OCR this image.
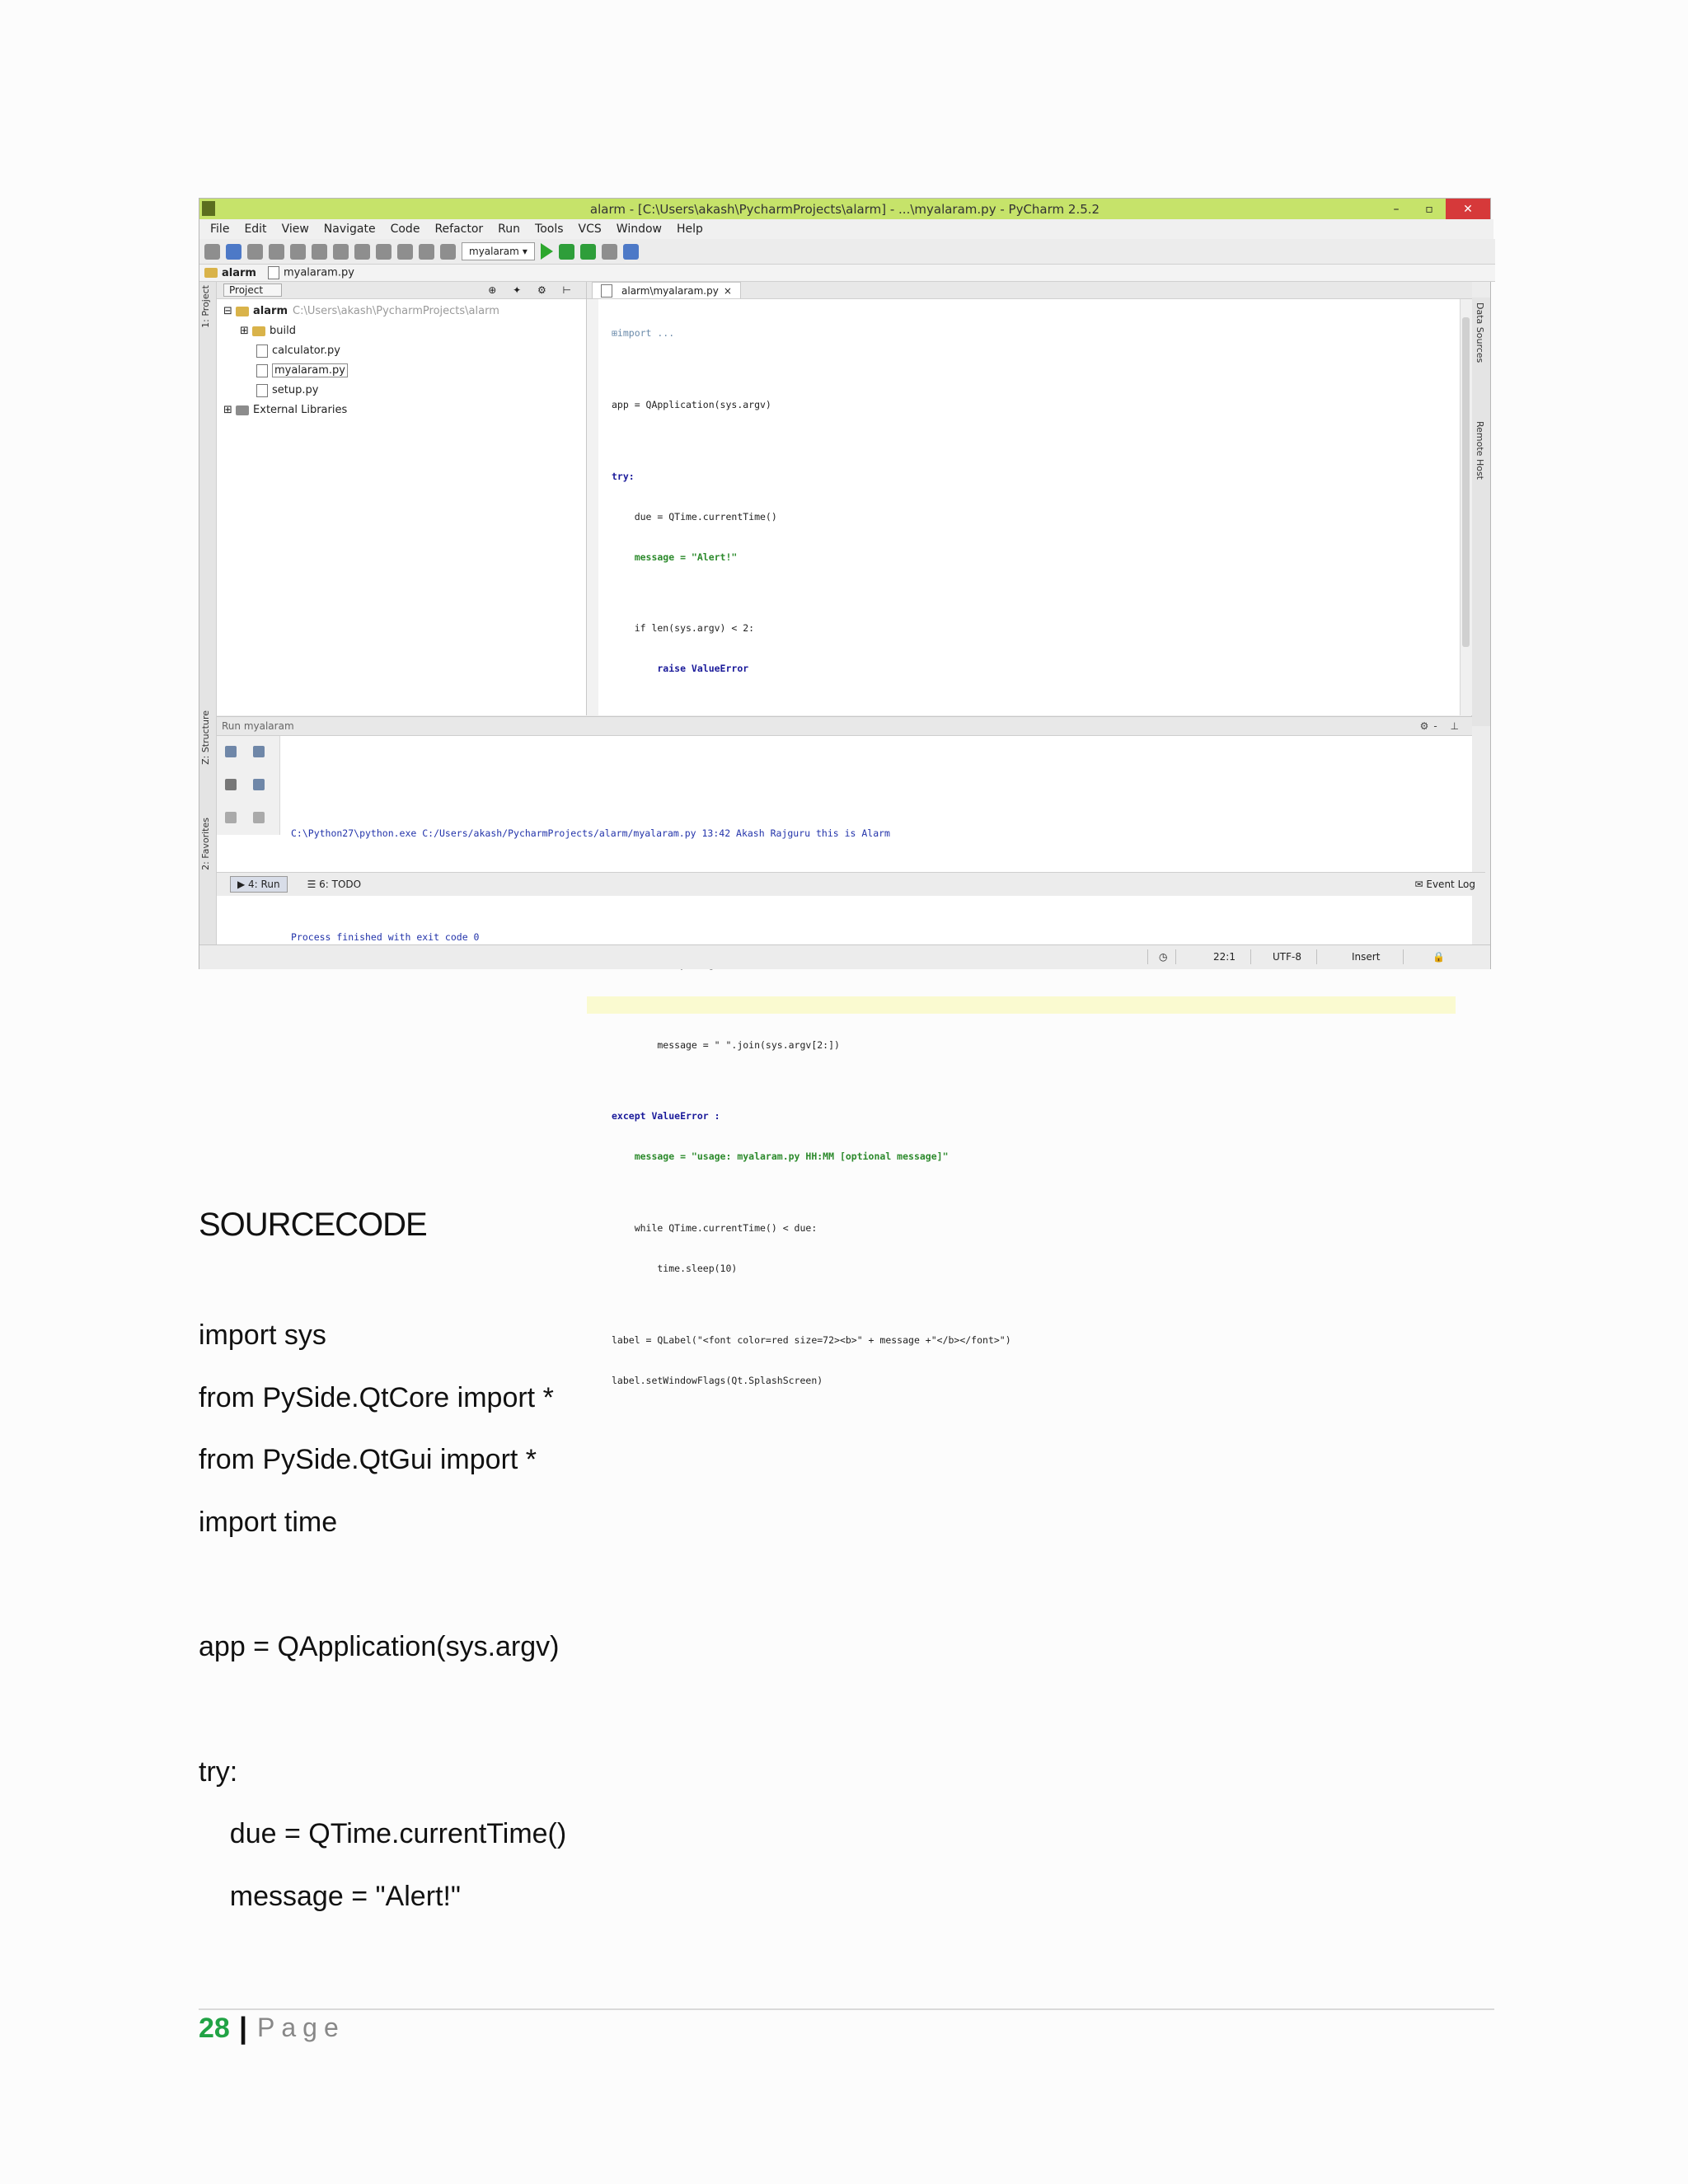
alarm - [C:\Users\akash\PycharmProjects\alarm] - ...\myalaram.py - PyCharm 2.5.2	–	▫	✕
File Edit View Navigate Code Refactor Run Tools VCS Window Help
myalaram ▾
alarm	myalaram.py
1: Project
Z: Structure
2: Favorites
Data Sources
Remote Host
Project	⊕ ✦ ⚙ ⊢
⊟ alarm C:\Users\akash\PycharmProjects\alarm
⊞ build
calculator.py
myalaram.py
setup.py
⊞ External Libraries
alarm\myalaram.py ×

⊞import ...

app = QApplication(sys.argv)

try:

due = QTime.currentTime()

message = "Alert!"

if len(sys.argv) < 2:

raise ValueError

message = " ".join(sys.argv[2:])

except ValueError :

message = "usage: myalaram.py HH:MM [optional message]"

while QTime.currentTime() < due:

time.sleep(10)

label = QLabel("<font color=red size=72><b>" + message +"</b></font>")

label.setWindowFlags(Qt.SplashScreen)

Run myalaram	⚙- ⊥

C:\Python27\python.exe C:/Users/akash/PycharmProjects/alarm/myalaram.py 13:42 Akash Rajguru this is Alarm

Process finished with exit code 0

▶ 4: Run	☰ 6: TODO	✉ Event Log
◷	22:1	UTF-8	Insert	🔒
SOURCECODE
import sys
from PySide.QtCore import *
from PySide.QtGui import *
import time
app = QApplication(sys.argv)
try:
due = QTime.currentTime()
message = "Alert!"
28 | Page
